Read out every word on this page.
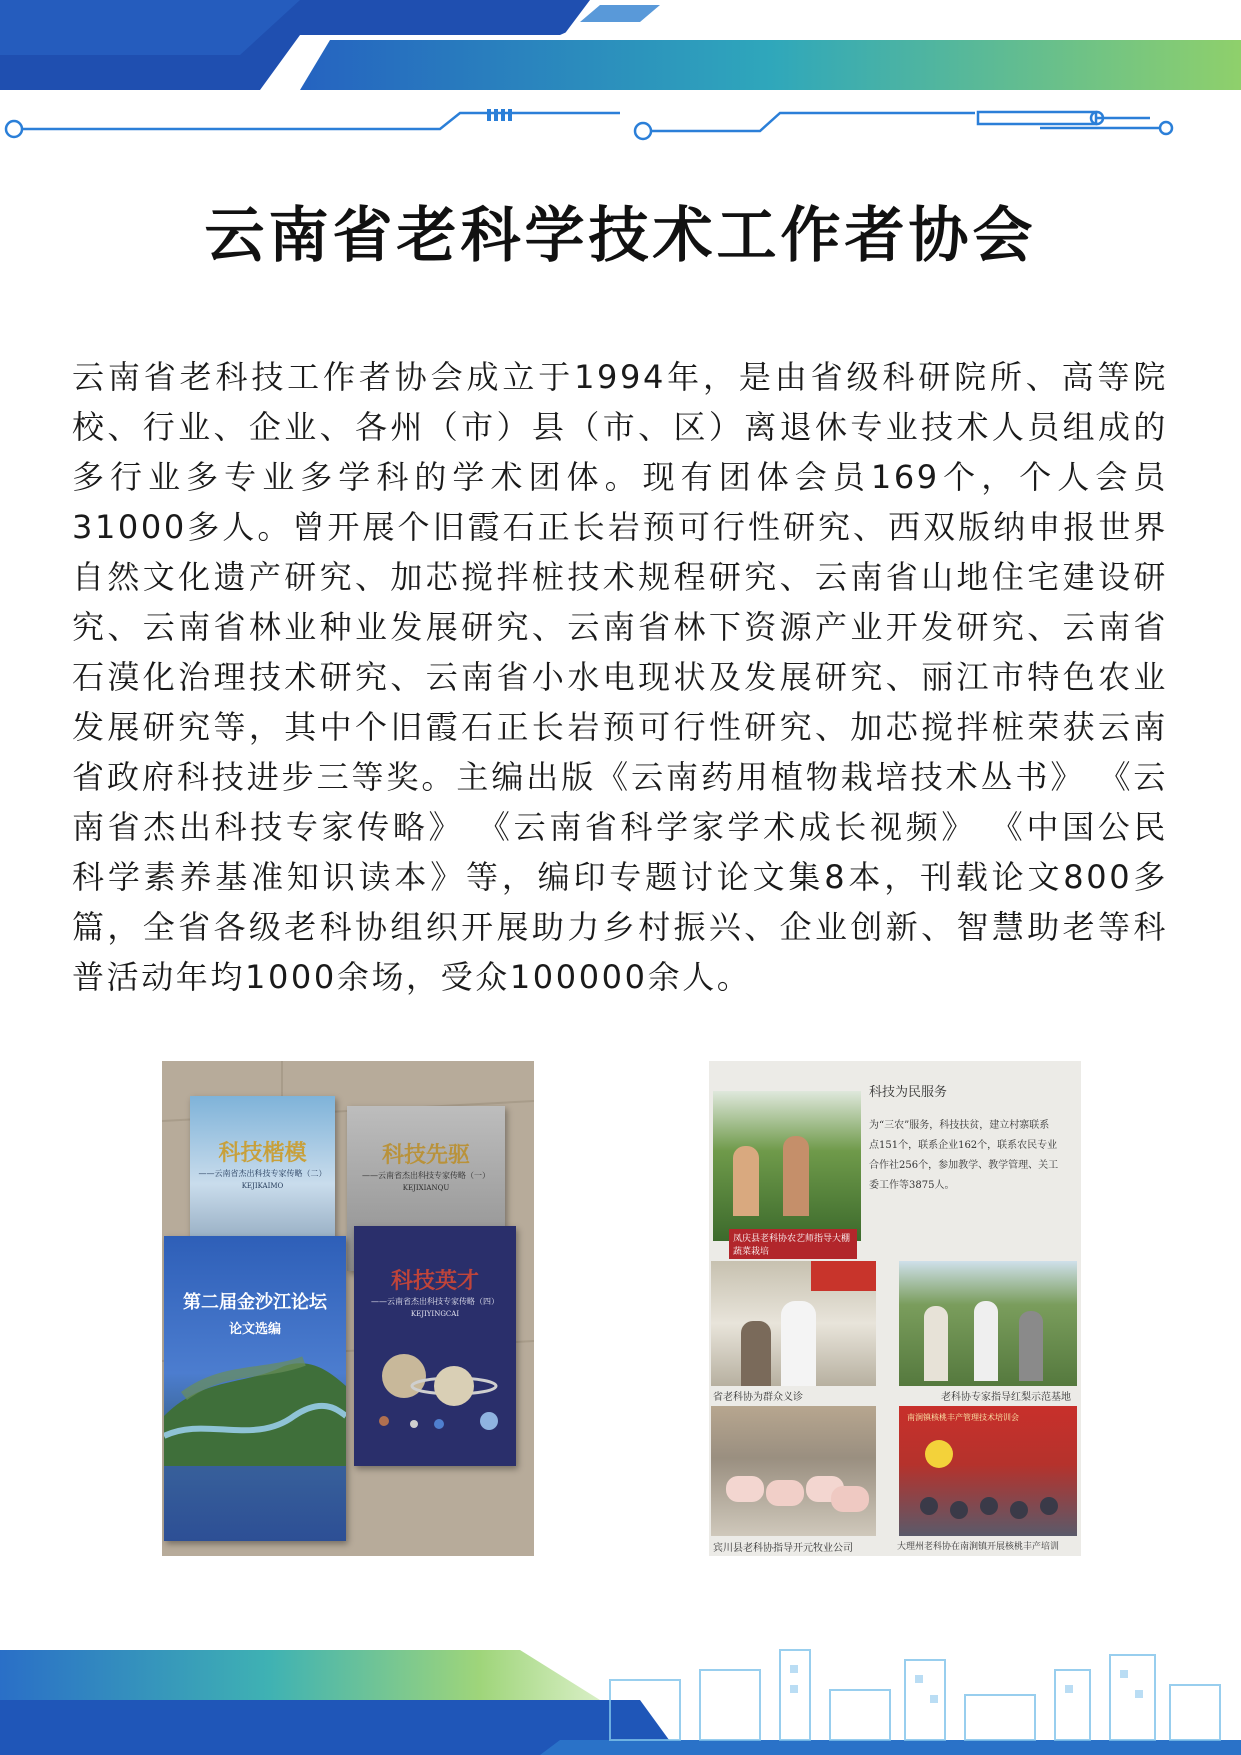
云南省老科学技术工作者协会

云南省老科技工作者协会成立于1994年，是由省级科研院所、高等院校、行业、企业、各州（市）县（市、区）离退休专业技术人员组成的多行业多专业多学科的学术团体。现有团体会员169个，个人会员31000多人。曾开展个旧霞石正长岩预可行性研究、西双版纳申报世界自然文化遗产研究、加芯搅拌桩技术规程研究、云南省山地住宅建设研究、云南省林业种业发展研究、云南省林下资源产业开发研究、云南省石漠化治理技术研究、云南省小水电现状及发展研究、丽江市特色农业发展研究等，其中个旧霞石正长岩预可行性研究、加芯搅拌桩荣获云南省政府科技进步三等奖。主编出版《云南药用植物栽培技术丛书》 《云南省杰出科技专家传略》 《云南省科学家学术成长视频》 《中国公民科学素养基准知识读本》等，编印专题讨论文集8本，刊载论文800多篇，全省各级老科协组织开展助力乡村振兴、企业创新、智慧助老等科普活动年均1000余场，受众100000余人。

科技楷模
——云南省杰出科技专家传略（二）
KEJIKAIMO
科技先驱
——云南省杰出科技专家传略（一）
KEJIXIANQU
第二届金沙江论坛
论文选编
科技英才
——云南省杰出科技专家传略（四）
KEJIYINGCAI
科技为民服务
为“三农”服务，科技扶贫，建立村寨联系点151个，联系企业162个，联系农民专业合作社256个，参加教学、教学管理、关工委工作等3875人。
凤庆县老科协农艺师指导大棚蔬菜栽培
省老科协为群众义诊	老科协专家指导红梨示范基地
宾川县老科协指导开元牧业公司
南涧镇核桃丰产管理技术培训会
大理州老科协在南涧镇开展核桃丰产培训
